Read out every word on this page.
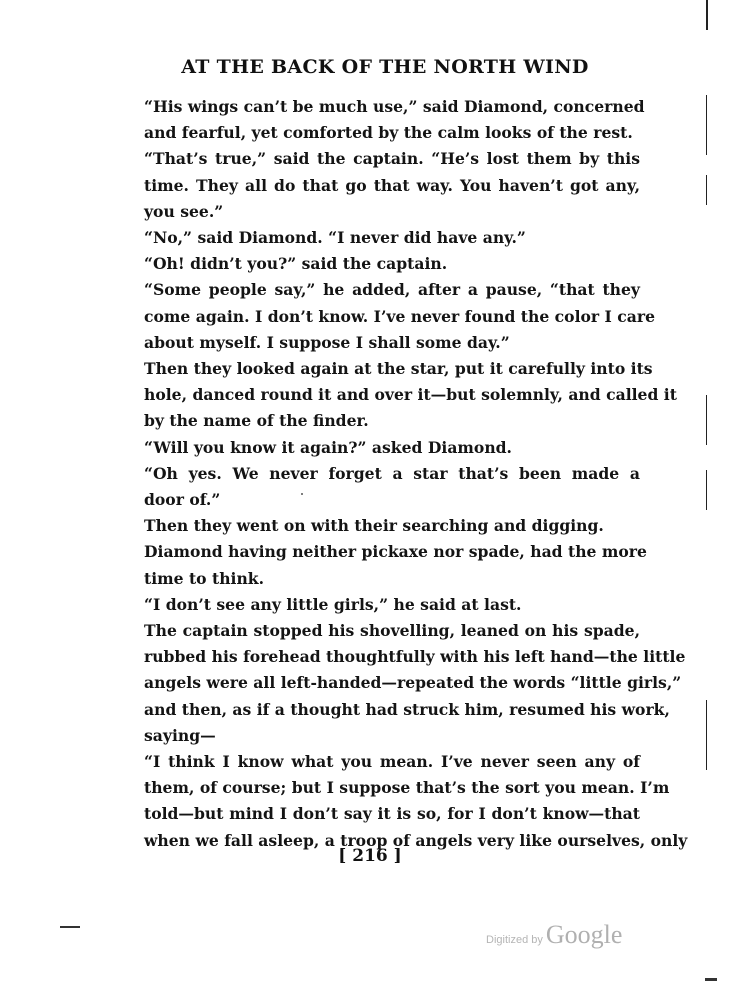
AT THE BACK OF THE NORTH WIND
“His wings can’t be much use,” said Diamond, concerned
and fearful, yet comforted by the calm looks of the rest.
“That’s true,” said the captain. “He’s lost them by this
time. They all do that go that way. You haven’t got any,
you see.”
“No,” said Diamond. “I never did have any.”
“Oh! didn’t you?” said the captain.
“Some people say,” he added, after a pause, “that they
come again. I don’t know. I’ve never found the color I care
about myself. I suppose I shall some day.”
Then they looked again at the star, put it carefully into its
hole, danced round it and over it—but solemnly, and called it
by the name of the finder.
“Will you know it again?” asked Diamond.
“Oh yes. We never forget a star that’s been made a
door of.”
Then they went on with their searching and digging.
Diamond having neither pickaxe nor spade, had the more
time to think.
“I don’t see any little girls,” he said at last.
The captain stopped his shovelling, leaned on his spade,
rubbed his forehead thoughtfully with his left hand—the little
angels were all left-handed—repeated the words “little girls,”
and then, as if a thought had struck him, resumed his work,
saying—
“I think I know what you mean. I’ve never seen any of
them, of course; but I suppose that’s the sort you mean. I’m
told—but mind I don’t say it is so, for I don’t know—that
when we fall asleep, a troop of angels very like ourselves, only
[ 216 ]
Digitized by Google
